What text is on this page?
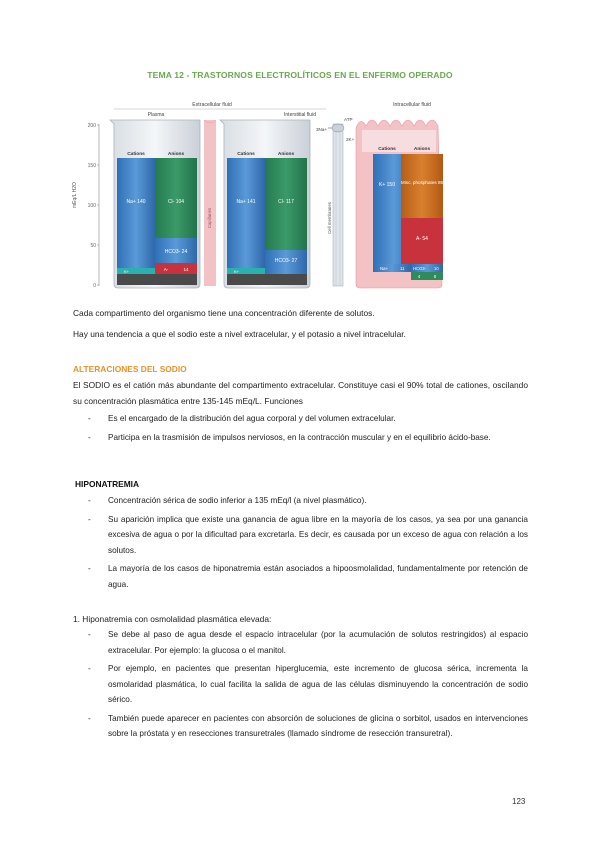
TEMA 12 - TRASTORNOS ELECTROLÍTICOS EN EL ENFERMO OPERADO
mEq/L H2O
200
150
100
50
0
Extracellular fluid	Intracellular fluid
Plasma	Interstitial fluid
Cations	Anions
Na+ 140	Cl- 104
HCO3- 24
A-	14
K+
Capillaries
Cations	Anions
Na+ 141	Cl- 117
HCO3- 27
K+
ATP
3Na+
2K+
Cell membranes
Cations	Anions
K+ 150 Misc. phosphates 86
A- 54
Na+	11 HCO3- 10
4	8
Cada compartimento del organismo tiene una concentración diferente de solutos.
Hay una tendencia a que el sodio este a nivel extracelular, y el potasio a nivel intracelular.
ALTERACIONES DEL SODIO
El SODIO es el catión más abundante del compartimento extracelular. Constituye casi el 90% total de cationes, oscilando su concentración plasmática entre 135-145 mEq/L. Funciones
- Es el encargado de la distribución del agua corporal y del volumen extracelular.
- Participa en la trasmisión de impulsos nerviosos, en la contracción muscular y en el equilibrio ácido-base.
HIPONATREMIA
- Concentración sérica de sodio inferior a 135 mEq/l (a nivel plasmático).
- Su aparición implica que existe una ganancia de agua libre en la mayoría de los casos, ya sea por una ganancia excesiva de agua o por la dificultad para excretarla. Es decir, es causada por un exceso de agua con relación a los solutos.
- La mayoría de los casos de hiponatremia están asociados a hipoosmolalidad, fundamentalmente por retención de agua.
1. Hiponatremia con osmolalidad plasmática elevada:
- Se debe al paso de agua desde el espacio intracelular (por la acumulación de solutos restringidos) al espacio extracelular. Por ejemplo: la glucosa o el manitol.
- Por ejemplo, en pacientes que presentan hiperglucemia, este incremento de glucosa sérica, incrementa la osmolaridad plasmática, lo cual facilita la salida de agua de las células disminuyendo la concentración de sodio sérico.
- También puede aparecer en pacientes con absorción de soluciones de glicina o sorbitol, usados en intervenciones sobre la próstata y en resecciones transuretrales (llamado síndrome de resección transuretral).
123
